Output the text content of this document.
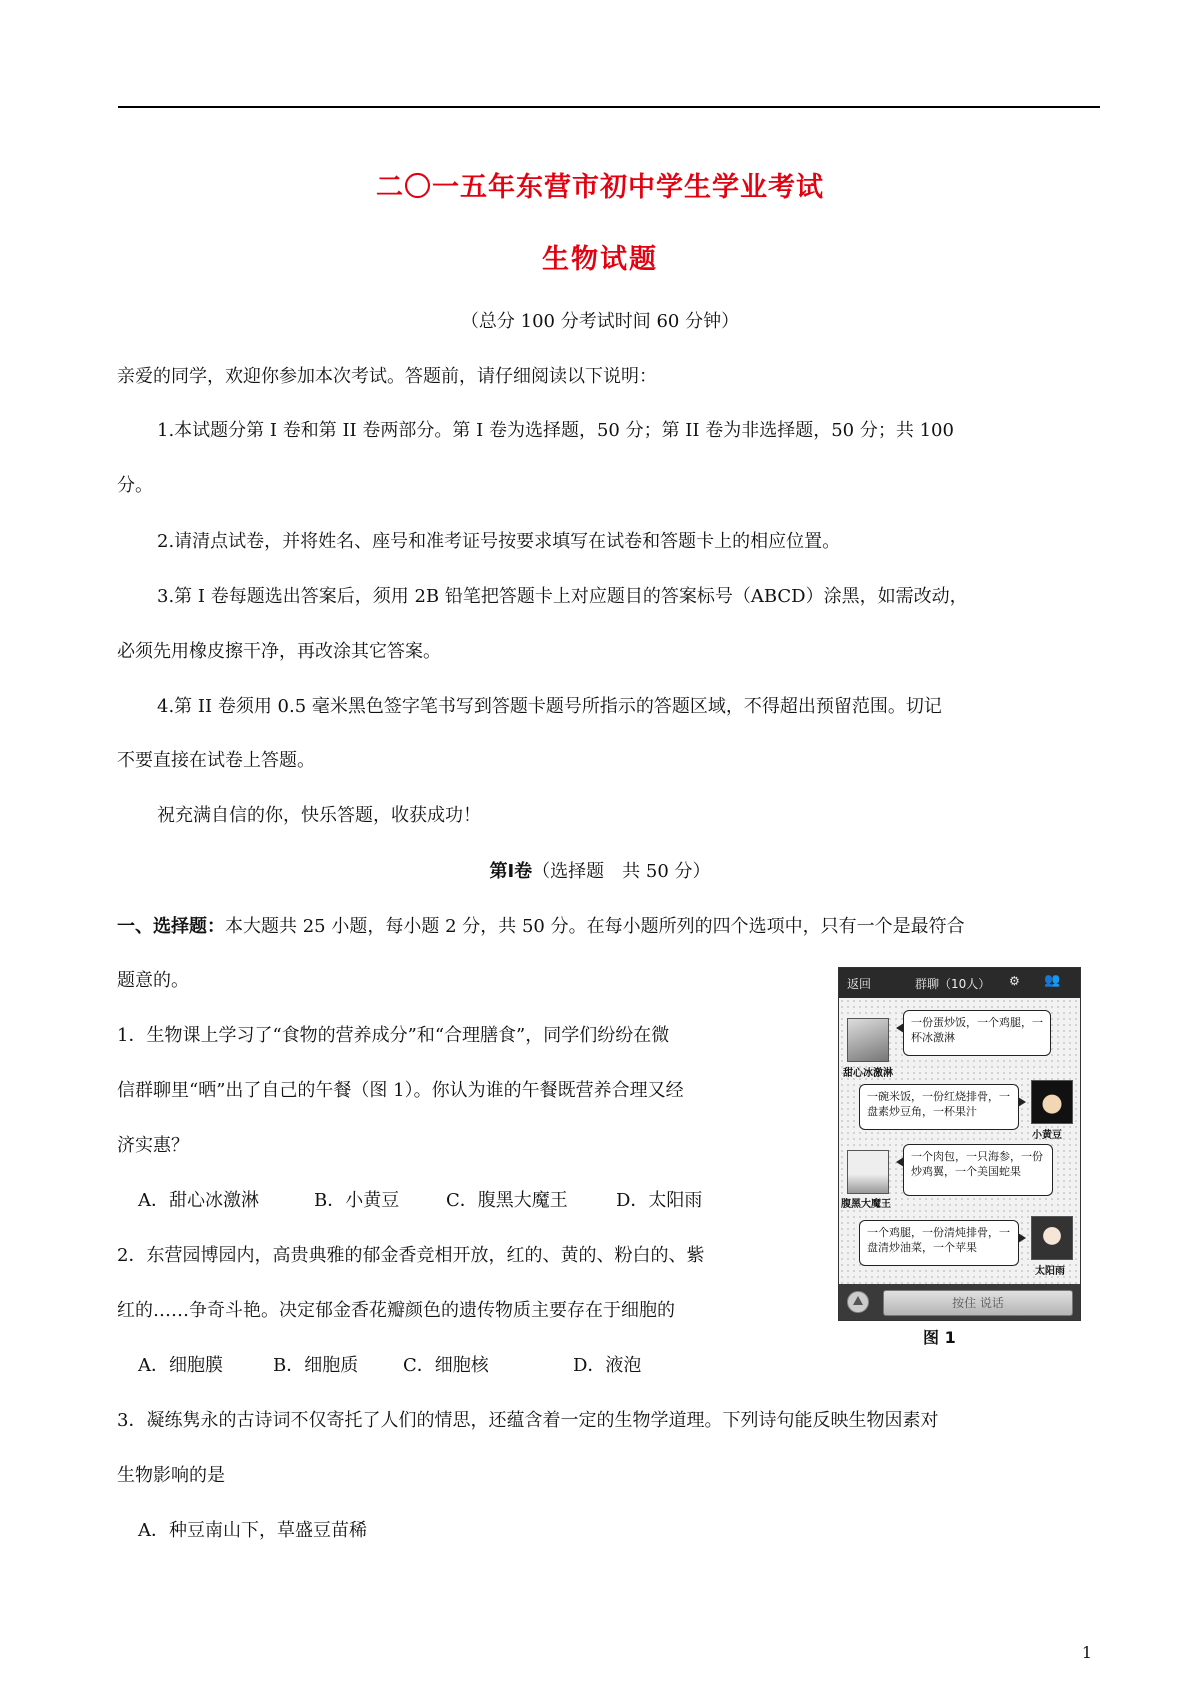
二〇一五年东营市初中学生学业考试
生物试题
（总分 100 分考试时间 60 分钟）
亲爱的同学，欢迎你参加本次考试。答题前，请仔细阅读以下说明：
1.本试题分第 I 卷和第 II 卷两部分。第 I 卷为选择题，50 分；第 II 卷为非选择题，50 分；共 100
分。
2.请清点试卷，并将姓名、座号和准考证号按要求填写在试卷和答题卡上的相应位置。
3.第 I 卷每题选出答案后，须用 2B 铅笔把答题卡上对应题目的答案标号（ABCD）涂黑，如需改动，
必须先用橡皮擦干净，再改涂其它答案。
4.第 II 卷须用 0.5 毫米黑色签字笔书写到答题卡题号所指示的答题区域，不得超出预留范围。切记
不要直接在试卷上答题。
祝充满自信的你，快乐答题，收获成功！
第Ⅰ卷（选择题　共 50 分）
一、选择题：本大题共 25 小题，每小题 2 分，共 50 分。在每小题所列的四个选项中，只有一个是最符合
题意的。
1．生物课上学习了“食物的营养成分”和“合理膳食”，同学们纷纷在微
信群聊里“晒”出了自己的午餐（图 1）。你认为谁的午餐既营养合理又经
济实惠？
A．甜心冰激淋	B．小黄豆	C．腹黑大魔王	D．太阳雨
2．东营园博园内，高贵典雅的郁金香竞相开放，红的、黄的、粉白的、紫
红的……争奇斗艳。决定郁金香花瓣颜色的遗传物质主要存在于细胞的
A．细胞膜	B．细胞质 C．细胞核	D．液泡
3．凝练隽永的古诗词不仅寄托了人们的情思，还蕴含着一定的生物学道理。下列诗句能反映生物因素对
生物影响的是
A．种豆南山下，草盛豆苗稀
返回	群聊（10人） ⚙ 👥
甜心冰激淋
一份蛋炒饭，一个鸡腿，一杯冰激淋
一碗米饭，一份红烧排骨，一盘素炒豆角，一杯果汁
小黄豆
腹黑大魔王
一个肉包，一只海参，一份炒鸡翼，一个美国蛇果
一个鸡腿，一份清炖排骨，一盘清炒油菜，一个苹果
太阳雨
按住 说话
图 1
1
